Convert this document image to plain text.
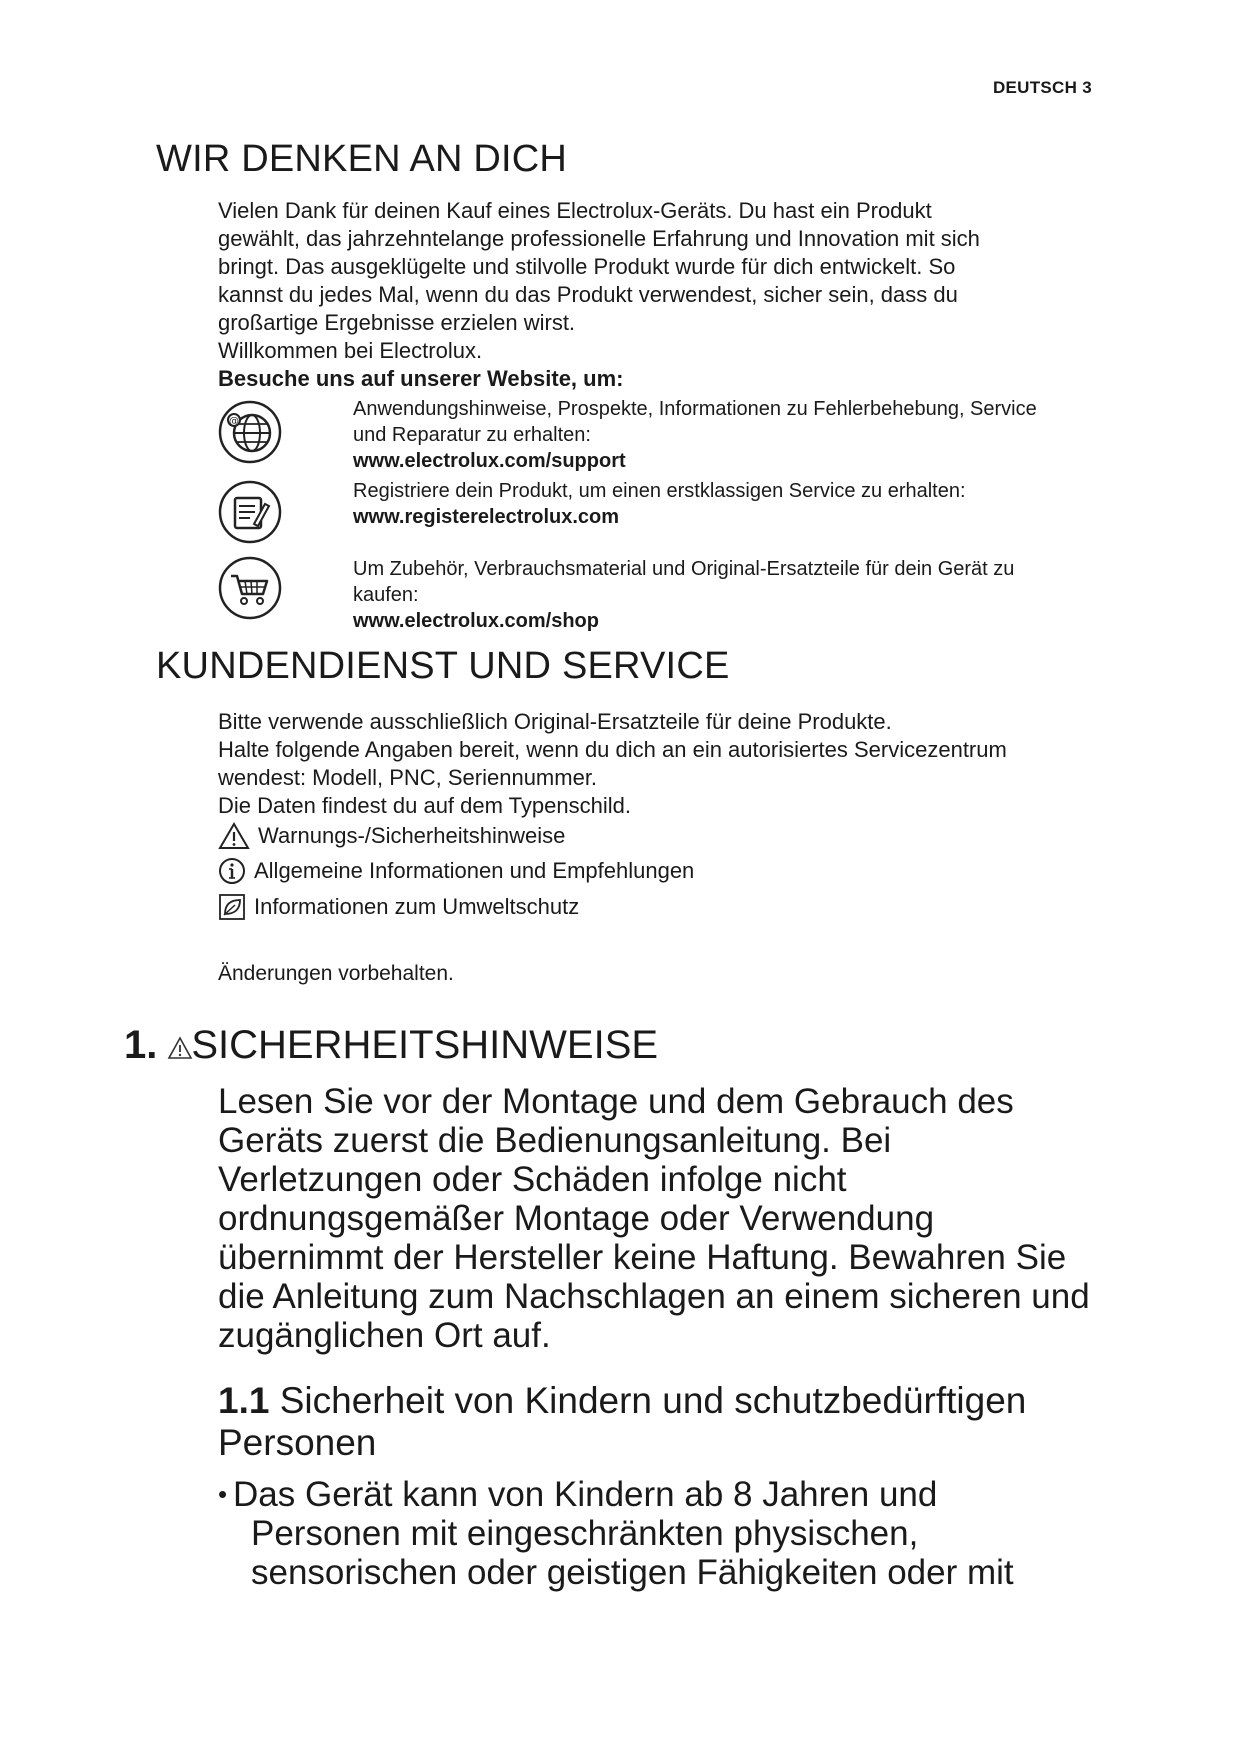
DEUTSCH 3
WIR DENKEN AN DICH

Vielen Dank für deinen Kauf eines Electrolux-Geräts. Du hast ein Produkt

gewählt, das jahrzehntelange professionelle Erfahrung und Innovation mit sich

bringt. Das ausgeklügelte und stilvolle Produkt wurde für dich entwickelt. So

kannst du jedes Mal, wenn du das Produkt verwendest, sicher sein, dass du

großartige Ergebnisse erzielen wirst.

Willkommen bei Electrolux.

Besuche uns auf unserer Website, um:

@
Anwendungshinweise, Prospekte, Informationen zu Fehlerbehebung, Service
und Reparatur zu erhalten:
www.electrolux.com/support
Registriere dein Produkt, um einen erstklassigen Service zu erhalten:
www.registerelectrolux.com
Um Zubehör, Verbrauchsmaterial und Original-Ersatzteile für dein Gerät zu
kaufen:
www.electrolux.com/shop
KUNDENDIENST UND SERVICE

Bitte verwende ausschließlich Original-Ersatzteile für deine Produkte.

Halte folgende Angaben bereit, wenn du dich an ein autorisiertes Servicezentrum

wendest: Modell, PNC, Seriennummer.

Die Daten findest du auf dem Typenschild.

Warnungs-/Sicherheitshinweise
Allgemeine Informationen und Empfehlungen
Informationen zum Umweltschutz
Änderungen vorbehalten.
1. SICHERHEITSHINWEISE

Lesen Sie vor der Montage und dem Gebrauch des

Geräts zuerst die Bedienungsanleitung. Bei

Verletzungen oder Schäden infolge nicht

ordnungsgemäßer Montage oder Verwendung

übernimmt der Hersteller keine Haftung. Bewahren Sie

die Anleitung zum Nachschlagen an einem sicheren und

zugänglichen Ort auf.

1.1 Sicherheit von Kindern und schutzbedürftigen
Personen
• Das Gerät kann von Kindern ab 8 Jahren und
Personen mit eingeschränkten physischen,
sensorischen oder geistigen Fähigkeiten oder mit
